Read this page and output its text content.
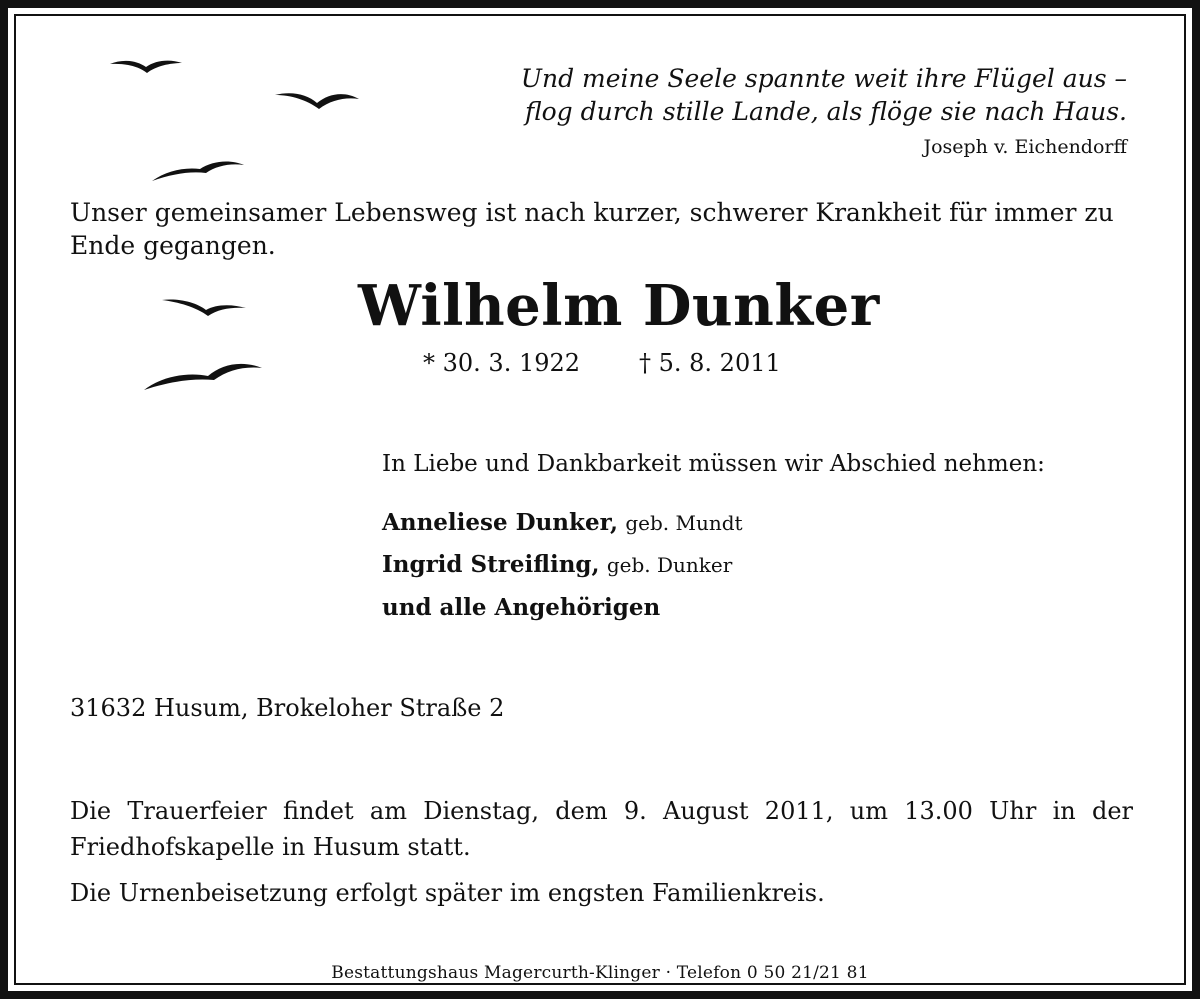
Und meine Seele spannte weit ihre Flügel aus –
flog durch stille Lande, als flöge sie nach Haus.
Joseph v. Eichendorff
Unser gemeinsamer Lebensweg ist nach kurzer, schwerer Krankheit für immer zu Ende gegangen.
Wilhelm Dunker
* 30. 3. 1922 † 5. 8. 2011
In Liebe und Dankbarkeit müssen wir Abschied nehmen:
Anneliese Dunker, geb. Mundt
Ingrid Streifling, geb. Dunker
und alle Angehörigen
31632 Husum, Brokeloher Straße 2
Die Trauerfeier findet am Dienstag, dem 9. August 2011, um 13.00 Uhr in der Friedhofskapelle in Husum statt.
Die Urnenbeisetzung erfolgt später im engsten Familienkreis.
Bestattungshaus Magercurth-Klinger · Telefon 0 50 21/21 81
